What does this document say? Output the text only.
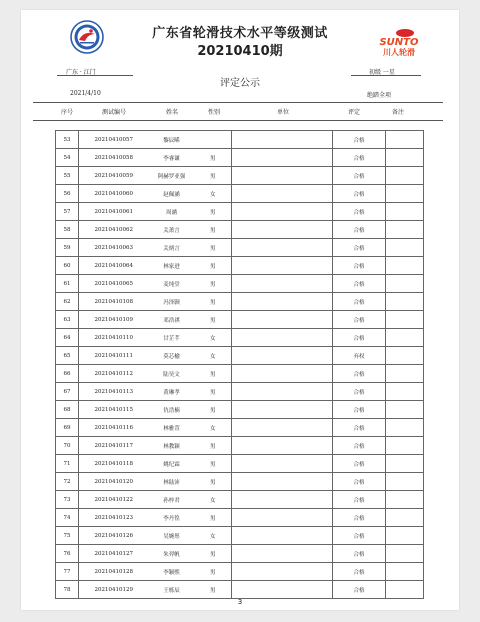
SUNTO
川人轮滑
广东省轮滑技术水平等级测试
20210410期
广东 · 江门	初级 一星
评定公示
2021/4/10	绝踏全项
序号	测试编号	姓名	性别	单位	评定	备注
53	20210410057	黎辰晞			合格	
54	20210410058	李睿谦	男		合格	
55	20210410059	阿赫罗亚强	男		合格	
56	20210410060	赵佩涵	女		合格	
57	20210410061	周涵	男		合格	
58	20210410062	关萧言	男		合格	
59	20210410063	关炳言	男		合格	
60	20210410064	林家进	男		合格	
61	20210410065	麦纯堂	男		合格	
62	20210410108	冯泽颢	男		合格	
63	20210410109	邓浩祺	男		合格	
64	20210410110	甘芷芊	女		合格	
65	20210410111	莫芯榆	女		弃权	
66	20210410112	陆昊文	男		合格	
67	20210410113	黄琳孝	男		合格	
68	20210410115	仇诰楠	男		合格	
69	20210410116	林雅萱	女		合格	
70	20210410117	林教颖	男		合格	
71	20210410118	姚纪霖	男		合格	
72	20210410120	林陆沛	男		合格	
73	20210410122	孙梓君	女		合格	
74	20210410123	李丹徨	男		合格	
75	20210410126	吴婉彤	女		合格	
76	20210410127	朱羿帆	男		合格	
77	20210410128	李颖熙	男		合格	
78	20210410129	王栎辰	男		合格	
3
